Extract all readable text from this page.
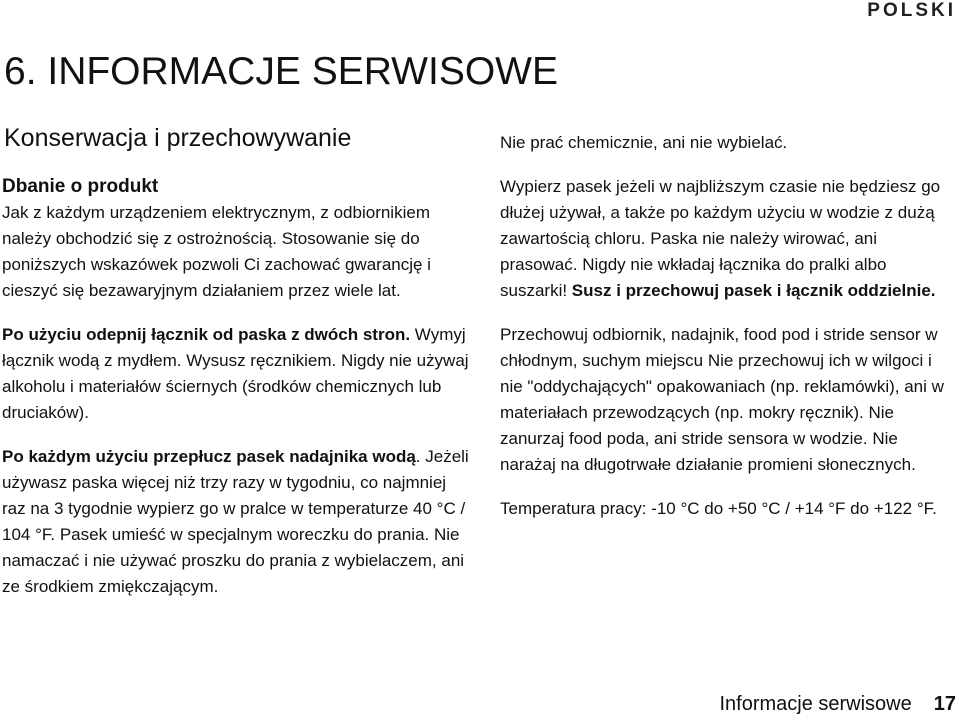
POLSKI
6. INFORMACJE SERWISOWE
Konserwacja i przechowywanie

Dbanie o produkt
Jak z każdym urządzeniem elektrycznym, z odbiornikiem należy obchodzić się z ostrożnością. Stosowanie się do poniższych wskazówek pozwoli Ci zachować gwarancję i cieszyć się bezawaryjnym działaniem przez wiele lat.

Po użyciu odepnij łącznik od paska z dwóch stron. Wymyj łącznik wodą z mydłem. Wysusz ręcznikiem. Nigdy nie używaj alkoholu i materiałów ściernych (środków chemicznych lub druciaków).

Po każdym użyciu przepłucz pasek nadajnika wodą. Jeżeli używasz paska więcej niż trzy razy w tygodniu, co najmniej raz na 3 tygodnie wypierz go w pralce w temperaturze 40 °C / 104 °F. Pasek umieść w specjalnym woreczku do prania. Nie namaczać i nie używać proszku do prania z wybielaczem, ani ze środkiem zmiękczającym.

Nie prać chemicznie, ani nie wybielać.

Wypierz pasek jeżeli w najbliższym czasie nie będziesz go dłużej używał, a także po każdym użyciu w wodzie z dużą zawartością chloru. Paska nie należy wirować, ani prasować. Nigdy nie wkładaj łącznika do pralki albo suszarki! Susz i przechowuj pasek i łącznik oddzielnie.

Przechowuj odbiornik, nadajnik, food pod i stride sensor w chłodnym, suchym miejscu Nie przechowuj ich w wilgoci i nie "oddychających" opakowaniach (np. reklamówki), ani w materiałach przewodzących (np. mokry ręcznik). Nie zanurzaj food poda, ani stride sensora w wodzie. Nie narażaj na długotrwałe działanie promieni słonecznych.

Temperatura pracy: -10 °C do +50 °C / +14 °F do +122 °F.

Informacje serwisowe 17
